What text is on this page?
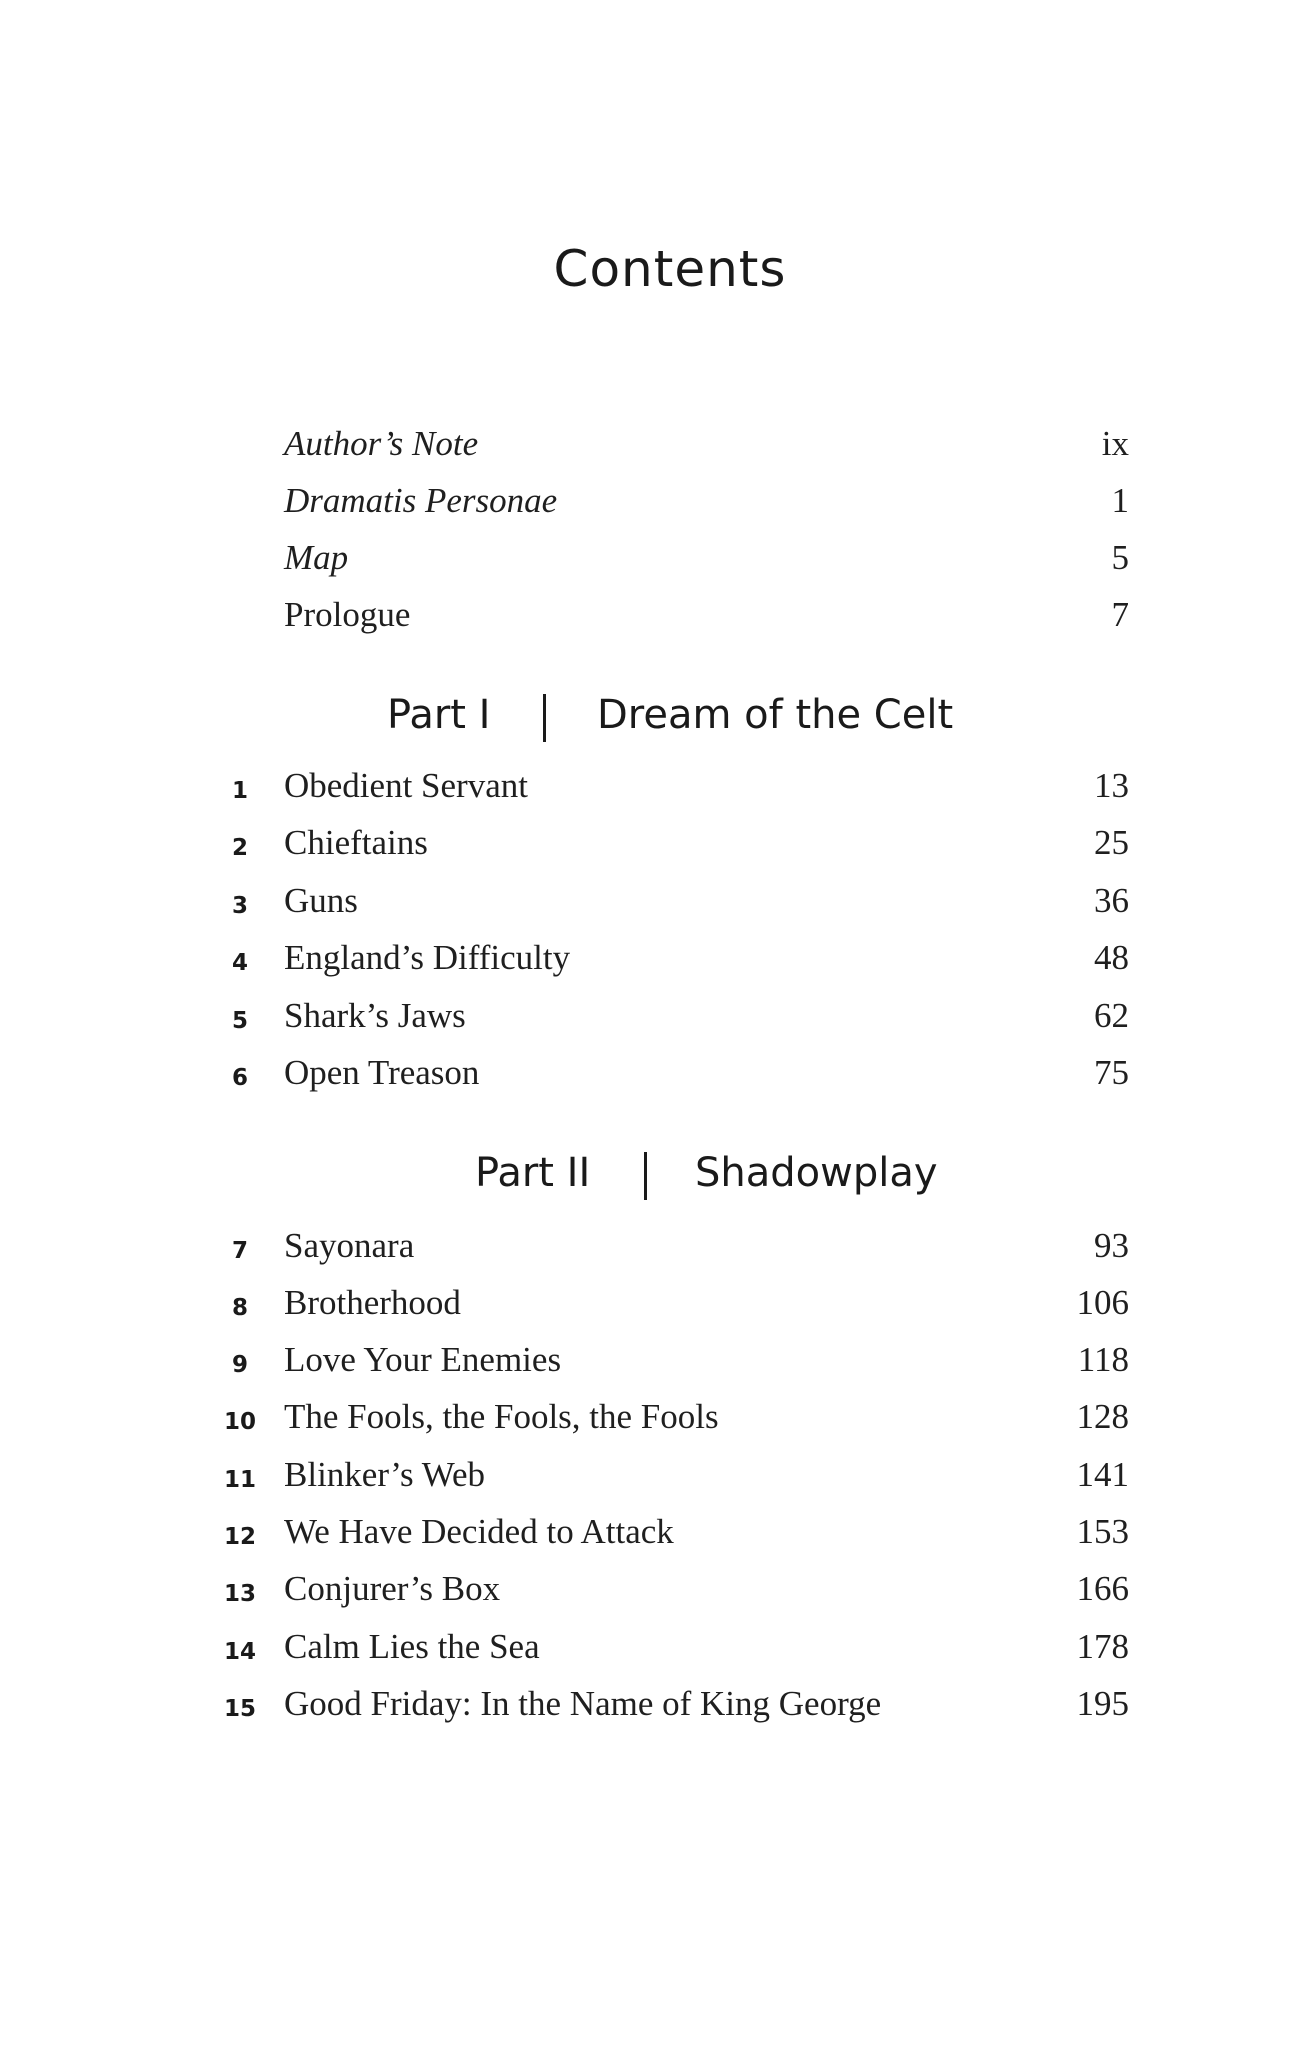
Contents
Author’s Note	ix
Dramatis Personae	1
Map	5
Prologue	7
Part I	Dream of the Celt
1	Obedient Servant	13
2	Chieftains	25
3	Guns	36
4	England’s Difficulty	48
5	Shark’s Jaws	62
6	Open Treason	75
Part II	Shadowplay
7	Sayonara	93
8	Brotherhood	106
9	Love Your Enemies	118
10 The Fools, the Fools, the Fools	128
11 Blinker’s Web	141
12 We Have Decided to Attack	153
13 Conjurer’s Box	166
14 Calm Lies the Sea	178
15 Good Friday: In the Name of King George	195
